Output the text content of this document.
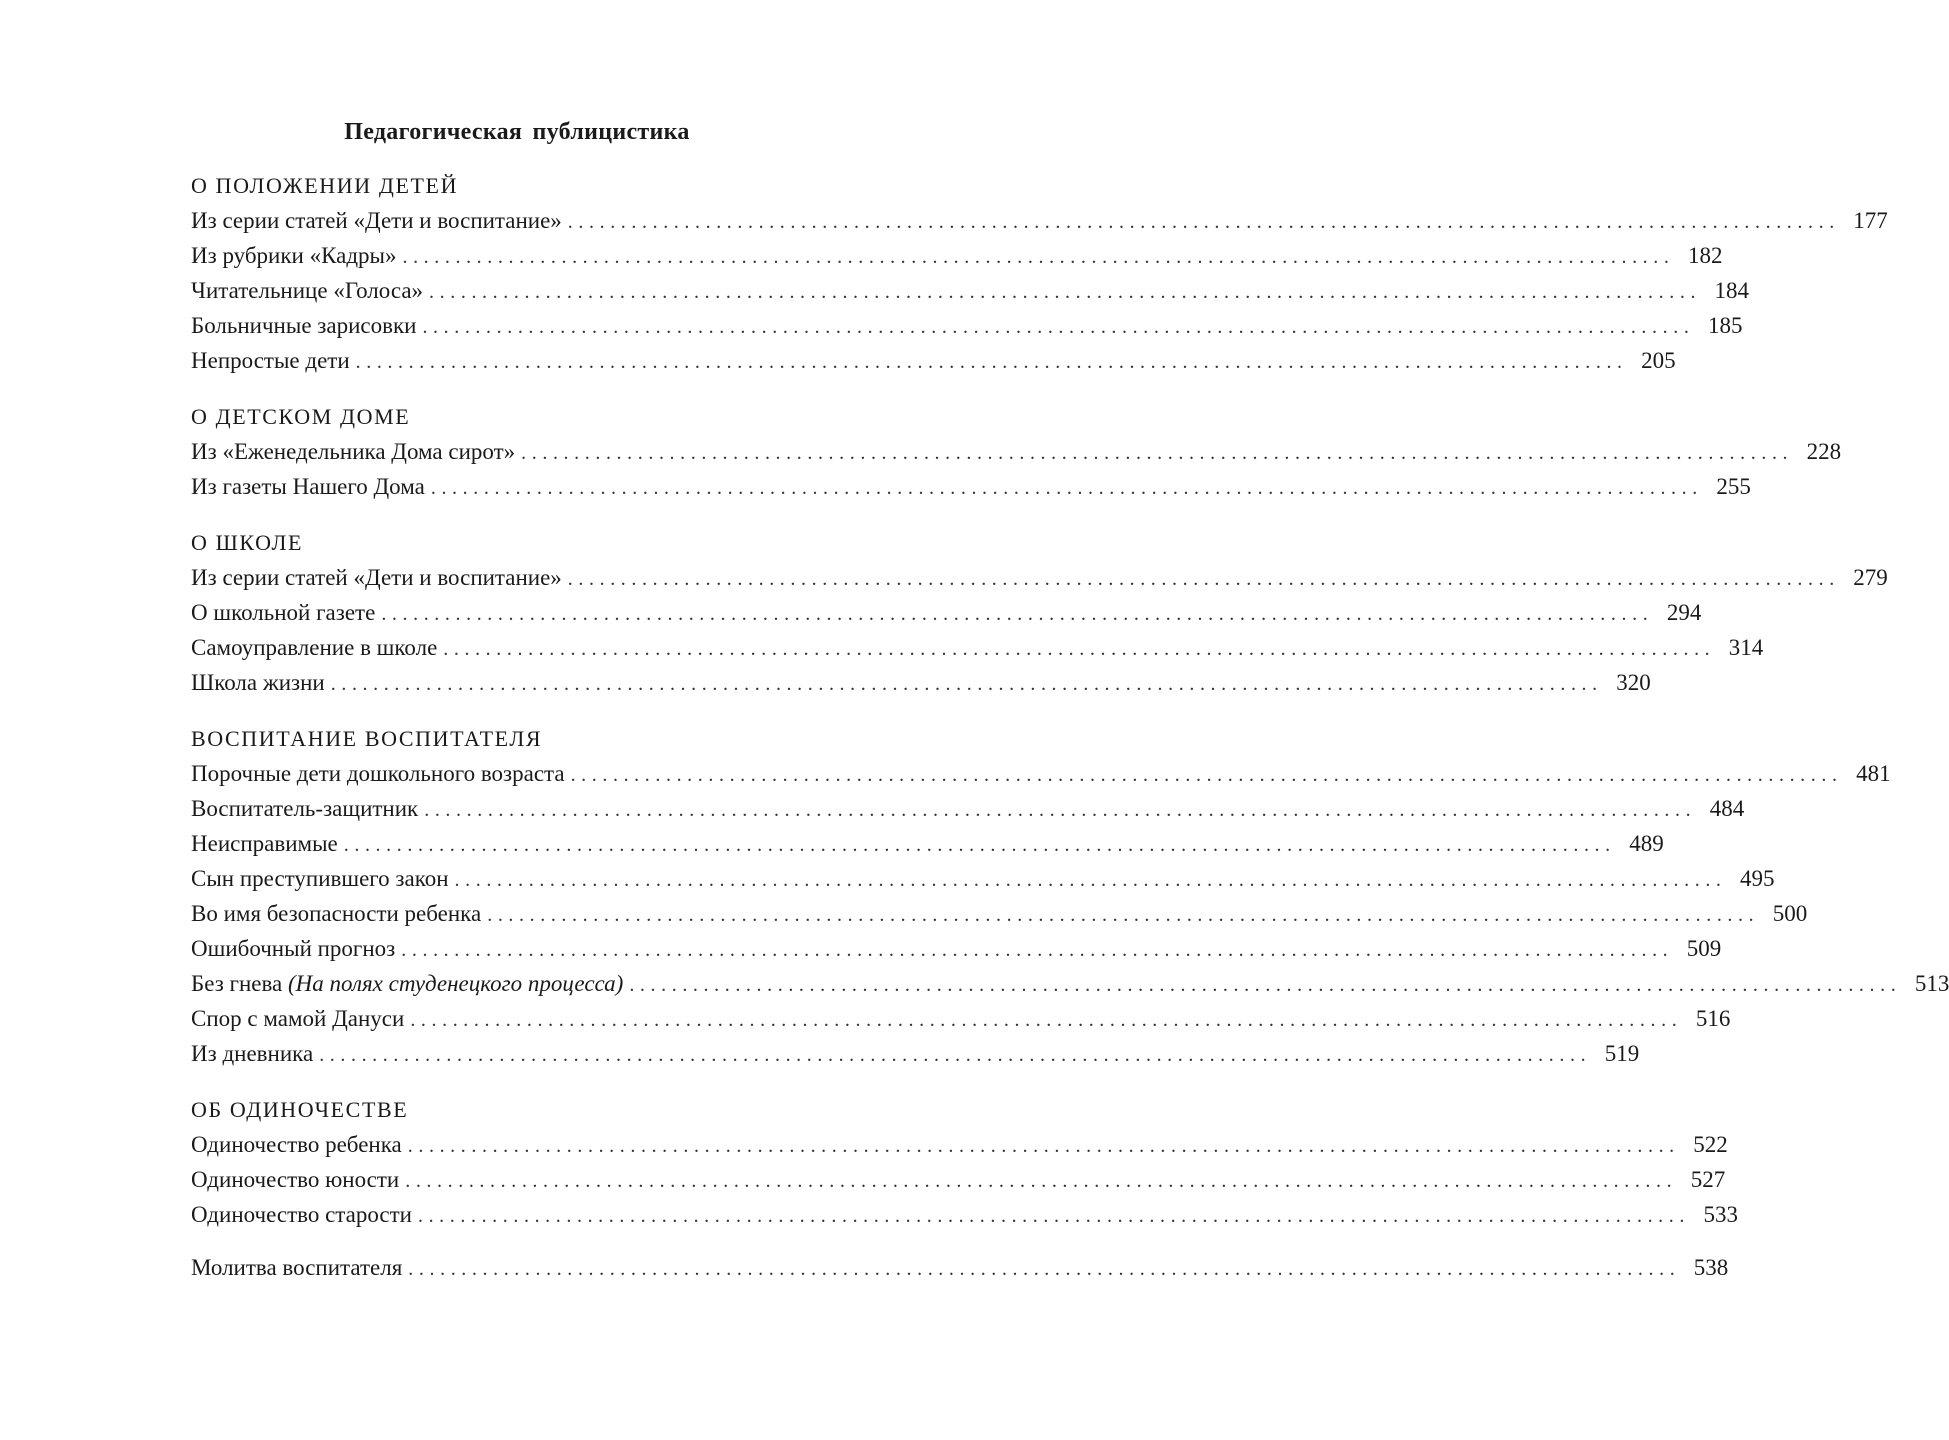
Педагогическая публицистика
О ПОЛОЖЕНИИ ДЕТЕЙ
Из серии статей «Дети и воспитание» ........................................................................................................................ 177
Из рубрики «Кадры» ........................................................................................................................ 182
Читательнице «Голоса» ........................................................................................................................ 184
Больничные зарисовки ........................................................................................................................ 185
Непростые дети ........................................................................................................................ 205
О ДЕТСКОМ ДОМЕ
Из «Еженедельника Дома сирот» ........................................................................................................................ 228
Из газеты Нашего Дома ........................................................................................................................ 255
О ШКОЛЕ
Из серии статей «Дети и воспитание» ........................................................................................................................ 279
О школьной газете ........................................................................................................................ 294
Самоуправление в школе ........................................................................................................................ 314
Школа жизни ........................................................................................................................ 320
ВОСПИТАНИЕ ВОСПИТАТЕЛЯ
Порочные дети дошкольного возраста ........................................................................................................................ 481
Воспитатель-защитник ........................................................................................................................ 484
Неисправимые ........................................................................................................................ 489
Сын преступившего закон ........................................................................................................................ 495
Во имя безопасности ребенка ........................................................................................................................ 500
Ошибочный прогноз ........................................................................................................................ 509
Без гнева (На полях студенецкого процесса) ........................................................................................................................ 513
Спор с мамой Дануси ........................................................................................................................ 516
Из дневника ........................................................................................................................ 519
ОБ ОДИНОЧЕСТВЕ
Одиночество ребенка ........................................................................................................................ 522
Одиночество юности ........................................................................................................................ 527
Одиночество старости ........................................................................................................................ 533
Молитва воспитателя ........................................................................................................................ 538
